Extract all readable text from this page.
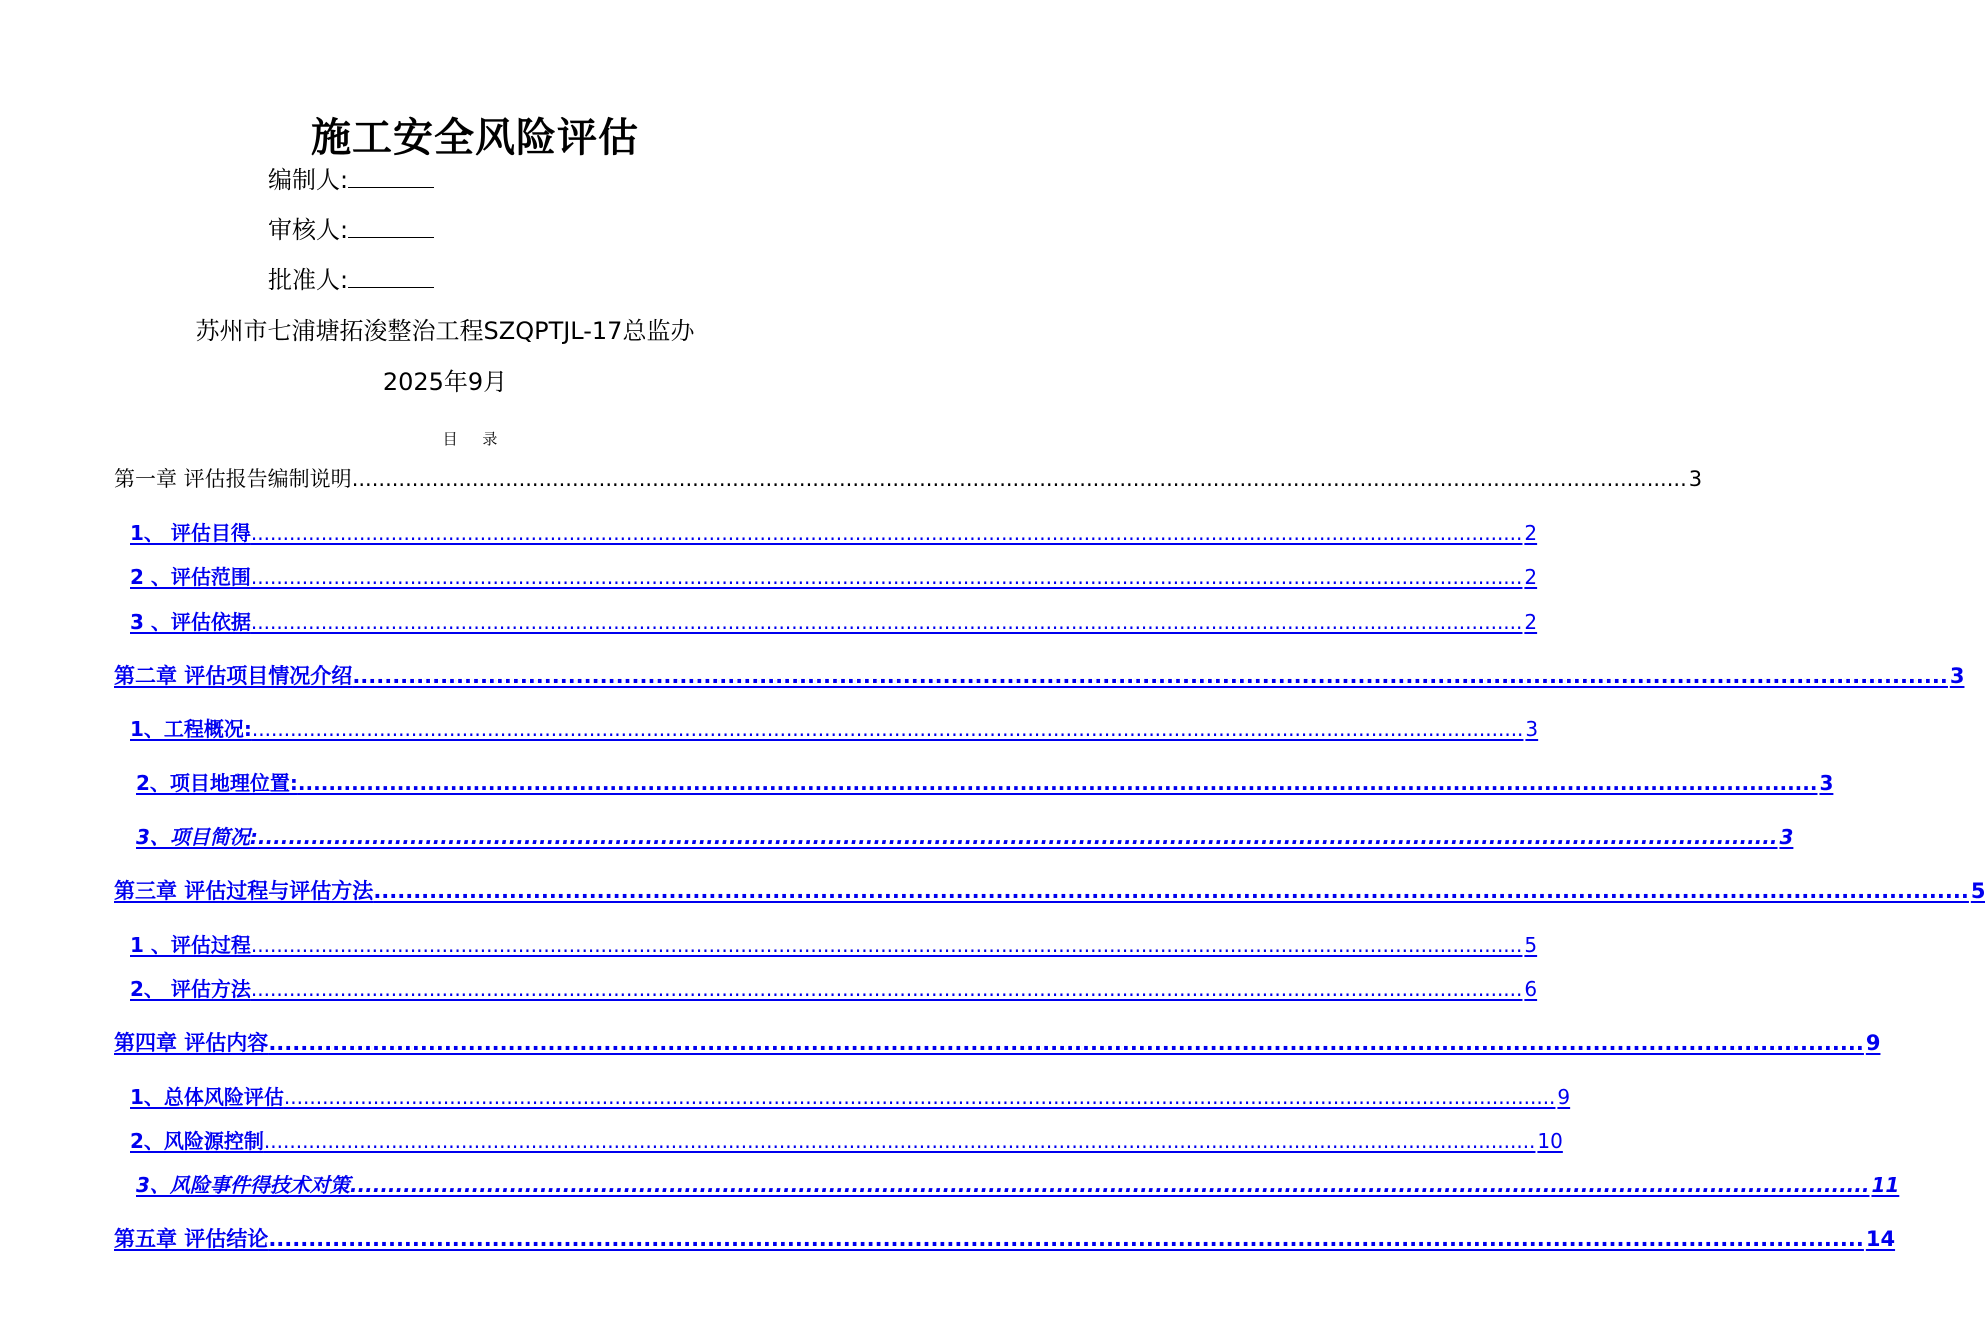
施工安全风险评估
编制人:
审核人:
批准人:
苏州市七浦塘拓浚整治工程SZQPTJL-17总监办
2025年9月
目 录
第一章 评估报告编制说明 ........................................................................................................................................................................................................ 3
1、 评估目得 ........................................................................................................................................................................................................ 2
2 、评估范围 ........................................................................................................................................................................................................ 2
3 、评估依据 ........................................................................................................................................................................................................ 2
第二章 评估项目情况介绍 ........................................................................................................................................................................................................ 3
1、工程概况: ........................................................................................................................................................................................................ 3
2、项目地理位置: ........................................................................................................................................................................................................ 3
3、项目简况: ........................................................................................................................................................................................................ 3
第三章 评估过程与评估方法 ........................................................................................................................................................................................................ 5
1 、评估过程 ........................................................................................................................................................................................................ 5
2、 评估方法 ........................................................................................................................................................................................................ 6
第四章 评估内容 ........................................................................................................................................................................................................ 9
1、总体风险评估 ........................................................................................................................................................................................................ 9
2、风险源控制 ........................................................................................................................................................................................................ 10
3、风险事件得技术对策 ........................................................................................................................................................................................................ 11
第五章 评估结论 ........................................................................................................................................................................................................ 14
